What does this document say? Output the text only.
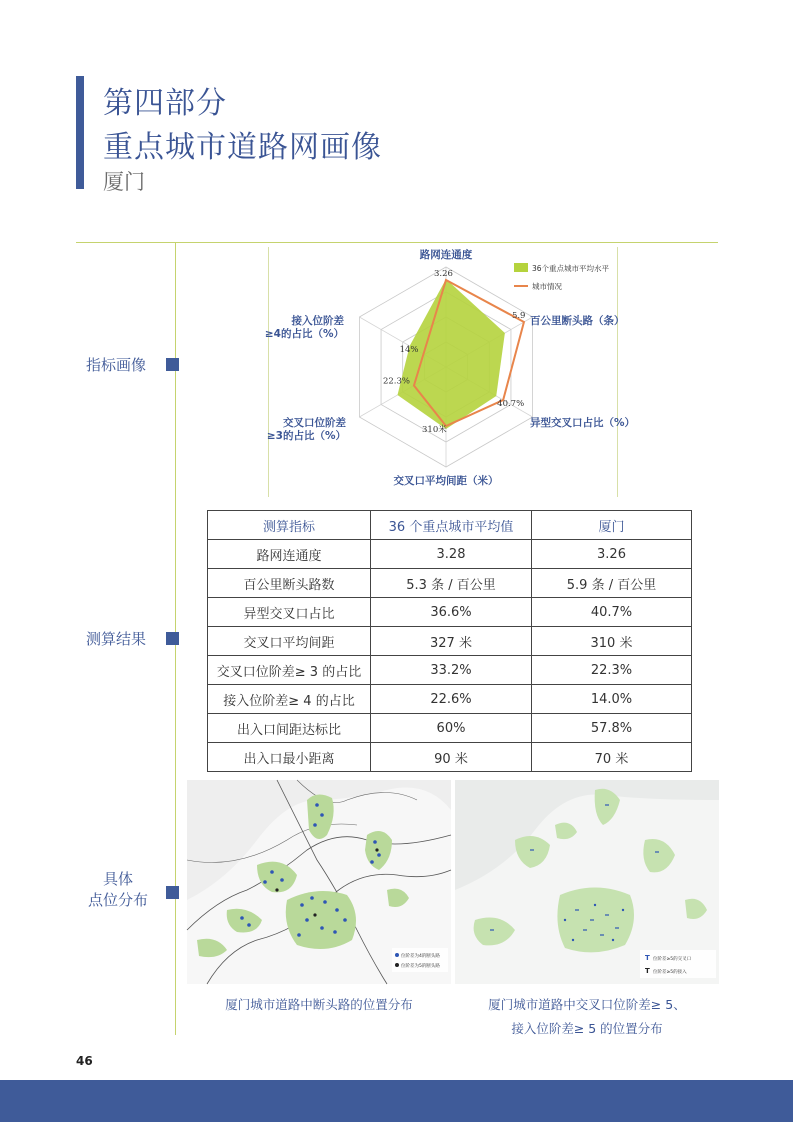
第四部分
重点城市道路网画像
厦门
指标画像
测算结果
具体
点位分布
路网连通度
百公里断头路（条）
异型交叉口占比（%）
交叉口平均间距（米）
交叉口位阶差≥3的占比（%）
接入位阶差≥4的占比（%）
3.26
5.9
40.7%
310米
22.3%
14%
36个重点城市平均水平
城市情况
测算指标	36 个重点城市平均值	厦门
路网连通度	3.28	3.26
百公里断头路数	5.3 条 / 百公里	5.9 条 / 百公里
异型交叉口占比	36.6%	40.7%
交叉口平均间距	327 米	310 米
交叉口位阶差≥ 3 的占比	33.2%	22.3%
接入位阶差≥ 4 的占比	22.6%	14.0%
出入口间距达标比	60%	57.8%
出入口最小距离	90 米	70 米
位阶差为4的断头路
位阶差为5的断头路
T 位阶差≥5的交叉口
T 位阶差≥5的接入
厦门城市道路中断头路的位置分布	厦门城市道路中交叉口位阶差≥ 5、
接入位阶差≥ 5 的位置分布
46
